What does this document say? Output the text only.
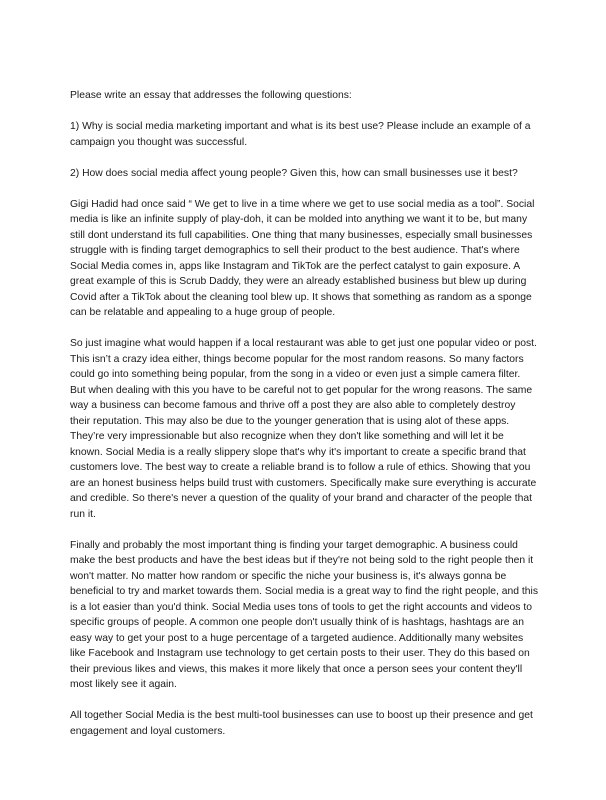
Please write an essay that addresses the following questions:

1) Why is social media marketing important and what is its best use? Please include an example of a campaign you thought was successful.

2) How does social media affect young people? Given this, how can small businesses use it best?

Gigi Hadid had once said “ We get to live in a time where we get to use social media as a tool”. Social media is like an infinite supply of play-doh, it can be molded into anything we want it to be, but many still dont understand its full capabilities. One thing that many businesses, especially small businesses struggle with is finding target demographics to sell their product to the best audience. That's where Social Media comes in, apps like Instagram and TikTok are the perfect catalyst to gain exposure. A great example of this is Scrub Daddy, they were an already established business but blew up during Covid after a TikTok about the cleaning tool blew up. It shows that something as random as a sponge can be relatable and appealing to a huge group of people.

So just imagine what would happen if a local restaurant was able to get just one popular video or post. This isn’t a crazy idea either, things become popular for the most random reasons. So many factors could go into something being popular, from the song in a video or even just a simple camera filter. But when dealing with this you have to be careful not to get popular for the wrong reasons. The same way a business can become famous and thrive off a post they are also able to completely destroy their reputation. This may also be due to the younger generation that is using alot of these apps. They’re very impressionable but also recognize when they don't like something and will let it be known. Social Media is a really slippery slope that's why it's important to create a specific brand that customers love. The best way to create a reliable brand is to follow a rule of ethics. Showing that you are an honest business helps build trust with customers. Specifically make sure everything is accurate and credible. So there's never a question of the quality of your brand and character of the people that run it.

Finally and probably the most important thing is finding your target demographic. A business could make the best products and have the best ideas but if they're not being sold to the right people then it won't matter. No matter how random or specific the niche your business is, it's always gonna be beneficial to try and market towards them. Social media is a great way to find the right people, and this is a lot easier than you'd think. Social Media uses tons of tools to get the right accounts and videos to specific groups of people. A common one people don't usually think of is hashtags, hashtags are an easy way to get your post to a huge percentage of a targeted audience. Additionally many websites like Facebook and Instagram use technology to get certain posts to their user. They do this based on their previous likes and views, this makes it more likely that once a person sees your content they'll most likely see it again.

All together Social Media is the best multi-tool businesses can use to boost up their presence and get engagement and loyal customers.
